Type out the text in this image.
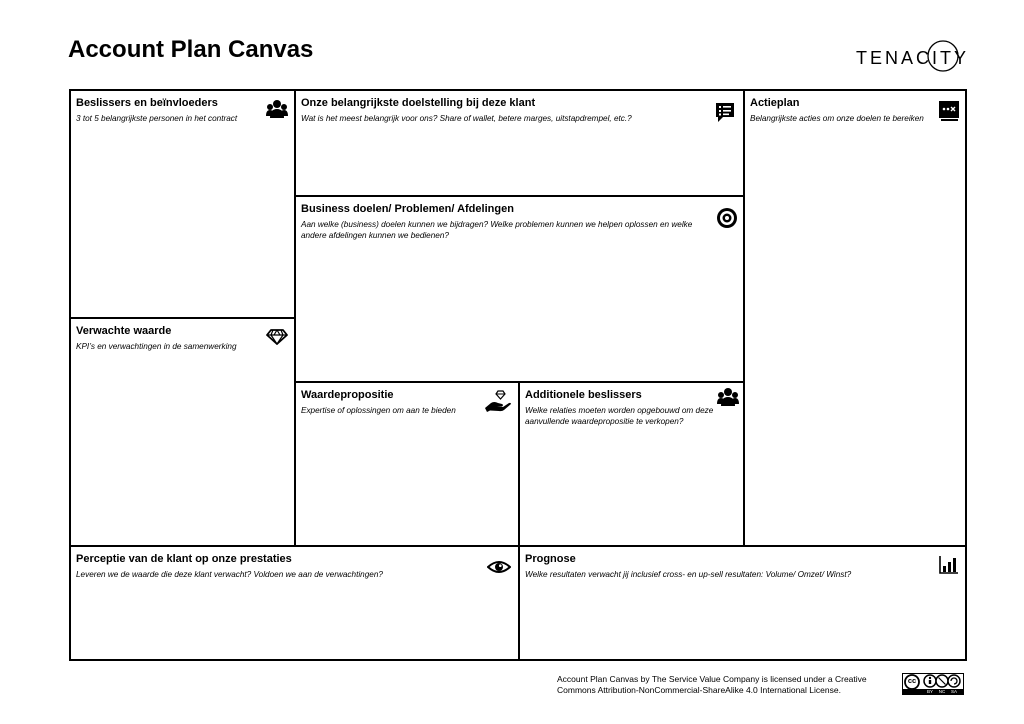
Account Plan Canvas	TENACITY
Beslissers en beïnvloeders
3 tot 5 belangrijkste personen in het contract
Verwachte waarde
KPI’s en verwachtingen in de samenwerking
Onze belangrijkste doelstelling bij deze klant
Wat is het meest belangrijk voor ons? Share of wallet, betere marges, uitstapdrempel, etc.?
Business doelen/ Problemen/ Afdelingen
Aan welke (business) doelen kunnen we bijdragen? Welke problemen kunnen we helpen oplossen en welke andere afdelingen kunnen we bedienen?
Waardepropositie
Expertise of oplossingen om aan te bieden
Additionele beslissers
Welke relaties moeten worden opgebouwd om deze aanvullende waardepropositie te verkopen?
Actieplan
Belangrijkste acties om onze doelen te bereiken
Perceptie van de klant op onze prestaties
Leveren we de waarde die deze klant verwacht? Voldoen we aan de verwachtingen?
Prognose
Welke resultaten verwacht jij inclusief cross- en up-sell resultaten: Volume/ Omzet/ Winst?
Account Plan Canvas by The Service Value Company is licensed under a Creative Commons Attribution-NonCommercial-ShareAlike 4.0 International License.
cc
BY	NC	SA
